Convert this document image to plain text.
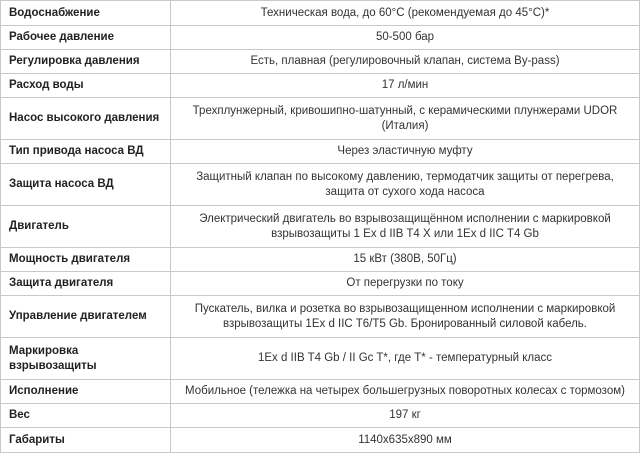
Водоснабжение	Техническая вода, до 60°C (рекомендуемая до 45°C)*
Рабочее давление	50-500 бар
Регулировка давления	Есть, плавная (регулировочный клапан, система By-pass)
Расход воды	17 л/мин
Насос высокого давления	Трехплунжерный, кривошипно-шатунный, с керамическими плунжерами UDOR (Италия)
Тип привода насоса ВД	Через эластичную муфту
Защита насоса ВД	Защитный клапан по высокому давлению, термодатчик защиты от перегрева, защита от сухого хода насоса
Двигатель	Электрический двигатель во взрывозащищённом исполнении с маркировкой взрывозащиты 1 Ex d IIB T4 X или 1Ex d IIC T4 Gb
Мощность двигателя	15 кВт (380В, 50Гц)
Защита двигателя	От перегрузки по току
Управление двигателем	Пускатель, вилка и розетка во взрывозащищенном исполнении с маркировкой взрывозащиты 1Ex d IIC T6/T5 Gb. Бронированный силовой кабель.
Маркировка взрывозащиты	1Ex d IIB T4 Gb / II Gc T*, где T* - температурный класс
Исполнение	Мобильное (тележка на четырех большегрузных поворотных колесах с тормозом)
Вес	197 кг
Габариты	1140x635x890 мм
